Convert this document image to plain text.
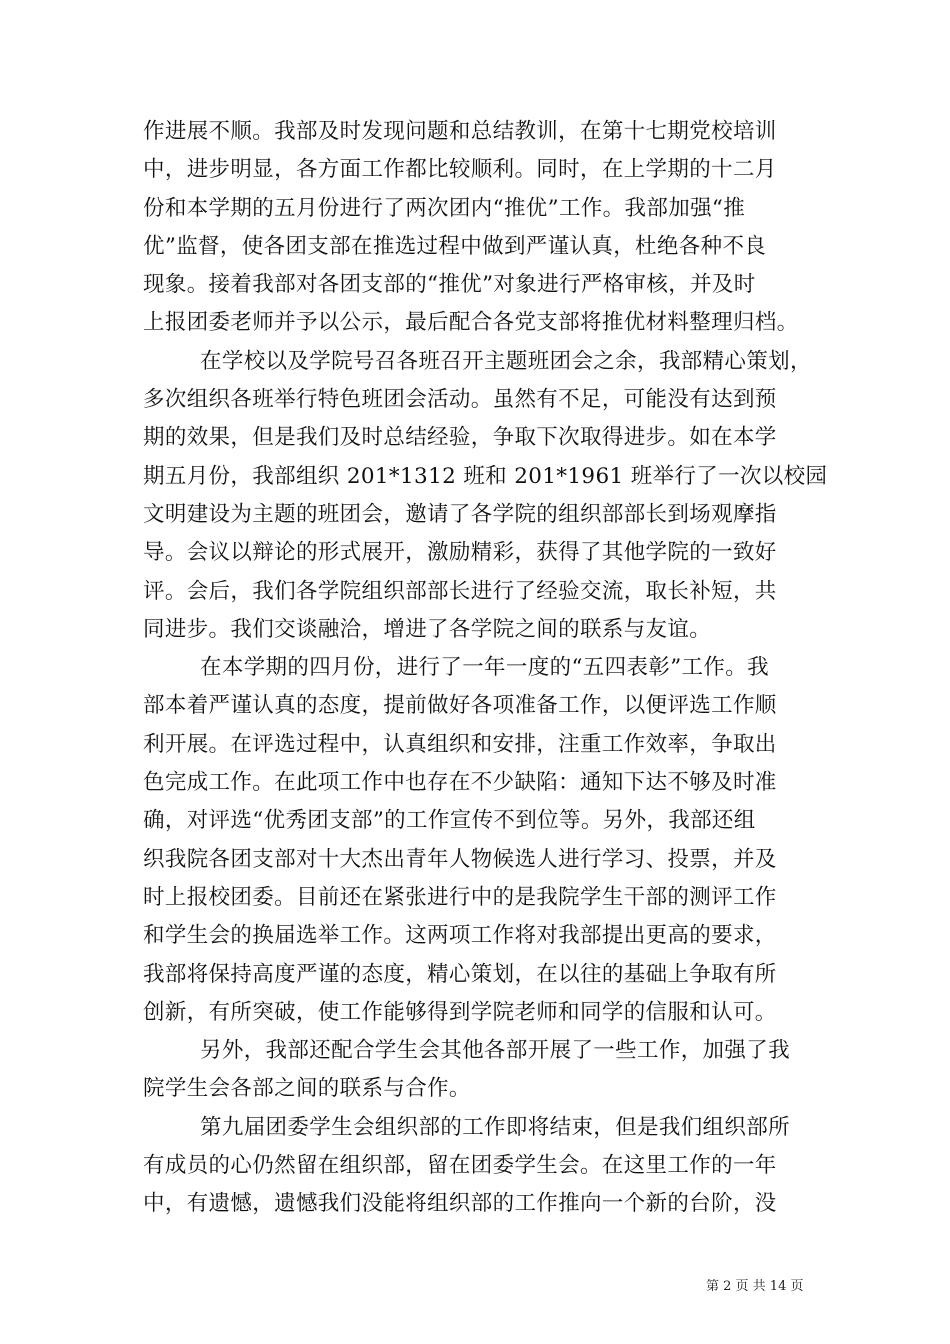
作进展不顺。我部及时发现问题和总结教训，在第十七期党校培训
中，进步明显，各方面工作都比较顺利。同时，在上学期的十二月
份和本学期的五月份进行了两次团内“推优”工作。我部加强“推
优”监督，使各团支部在推选过程中做到严谨认真，杜绝各种不良
现象。接着我部对各团支部的“推优”对象进行严格审核，并及时
上报团委老师并予以公示，最后配合各党支部将推优材料整理归档。
在学校以及学院号召各班召开主题班团会之余，我部精心策划，
多次组织各班举行特色班团会活动。虽然有不足，可能没有达到预
期的效果，但是我们及时总结经验，争取下次取得进步。如在本学
期五月份，我部组织 201*1312 班和 201*1961 班举行了一次以校园
文明建设为主题的班团会，邀请了各学院的组织部部长到场观摩指
导。会议以辩论的形式展开，激励精彩，获得了其他学院的一致好
评。会后，我们各学院组织部部长进行了经验交流，取长补短，共
同进步。我们交谈融洽，增进了各学院之间的联系与友谊。
在本学期的四月份，进行了一年一度的“五四表彰”工作。我
部本着严谨认真的态度，提前做好各项准备工作，以便评选工作顺
利开展。在评选过程中，认真组织和安排，注重工作效率，争取出
色完成工作。在此项工作中也存在不少缺陷：通知下达不够及时准
确，对评选“优秀团支部”的工作宣传不到位等。另外，我部还组
织我院各团支部对十大杰出青年人物候选人进行学习、投票，并及
时上报校团委。目前还在紧张进行中的是我院学生干部的测评工作
和学生会的换届选举工作。这两项工作将对我部提出更高的要求，
我部将保持高度严谨的态度，精心策划，在以往的基础上争取有所
创新，有所突破，使工作能够得到学院老师和同学的信服和认可。
另外，我部还配合学生会其他各部开展了一些工作，加强了我
院学生会各部之间的联系与合作。
第九届团委学生会组织部的工作即将结束，但是我们组织部所
有成员的心仍然留在组织部，留在团委学生会。在这里工作的一年
中，有遗憾，遗憾我们没能将组织部的工作推向一个新的台阶，没
第 2 页 共 14 页
